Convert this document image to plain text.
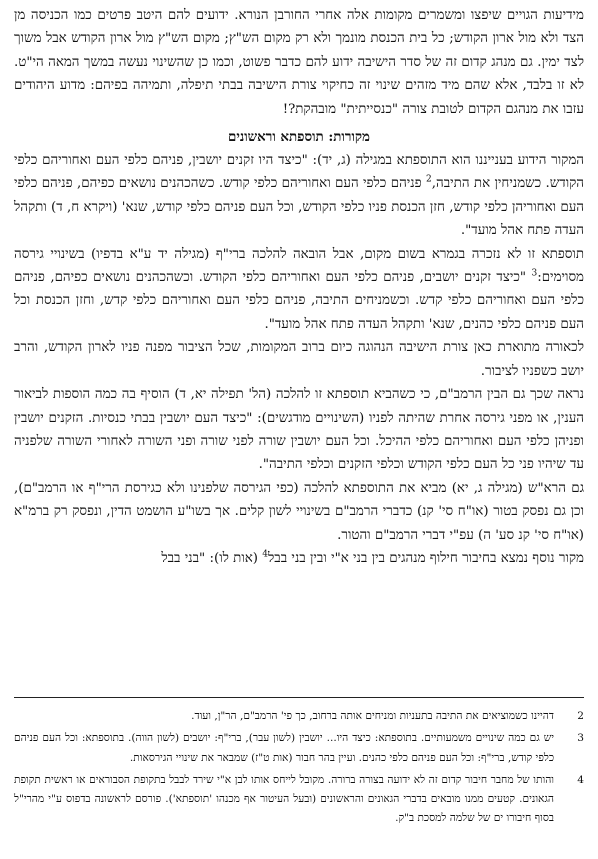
מידיעות הגויים שיפצו ומשמרים מקומות אלה אחרי החורבן הנורא. ידועים להם היטב פרטים כמו הכניסה מן הצד ולא מול ארון הקודש; כל בית הכנסת מונמך ולא רק מקום הש"ץ; מקום הש"ץ מול ארון הקודש אבל משוך לצד ימין. גם מנהג קדום זה של סדר הישיבה ידוע להם כדבר פשוט, וכמו כן שהשינוי נעשה במשך המאה הי"ט. לא זו בלבד, אלא שהם מיד מזהים שינוי זה כחיקוי צורת הישיבה בבתי תיפלה, ותמיהה בפיהם: מדוע היהודים עזבו את מנהגם הקדום לטובת צורה "כנסייתית" מובהקת?!

מקורות: תוספתא וראשונים

המקור הידוע בענייננו הוא התוספתא במגילה (ג, יד): "כיצד היו זקנים יושבין, פניהם כלפי העם ואחוריהם כלפי הקודש. כשמניחין את התיבה,$^2$ פניהם כלפי העם ואחוריהם כלפי קודש. כשהכהנים נושאים כפיהם, פניהם כלפי העם ואחוריהן כלפי קודש, חזן הכנסת פניו כלפי הקודש, וכל העם פניהם כלפי קודש, שנא' (ויקרא ח, ד) ותקהל העדה פתח אהל מועד".

תוספתא זו לא נזכרה בגמרא בשום מקום, אבל הובאה להלכה ברי"ף (מגילה יד ע"א בדפיו) בשינויי גירסה מסוימים:$^3$ "כיצד זקנים יושבים, פניהם כלפי העם ואחוריהם כלפי הקודש. וכשהכהנים נושאים כפיהם, פניהם כלפי העם ואחוריהם כלפי קדש. וכשמניחים התיבה, פניהם כלפי העם ואחוריהם כלפי קדש, וחזן הכנסת וכל העם פניהם כלפי כהנים, שנא' ותקהל העדה פתח אהל מועד".

לכאורה מתוארת כאן צורת הישיבה הנהוגה כיום ברוב המקומות, שכל הציבור מפנה פניו לארון הקודש, והרב יושב כשפניו לציבור.

נראה שכך גם הבין הרמב"ם, כי כשהביא תוספתא זו להלכה (הל' תפילה יא, ד) הוסיף בה כמה הוספות לביאור הענין, או מפני גירסה אחרת שהיתה לפניו (השינויים מודגשים): "כיצד העם יושבין בבתי כנסיות. הזקנים יושבין ופניהן כלפי העם ואחוריהם כלפי ההיכל. וכל העם יושבין שורה לפני שורה ופני השורה לאחורי השורה שלפניה עד שיהיו פני כל העם כלפי הקודש וכלפי הזקנים וכלפי התיבה".

גם הרא"ש (מגילה ג, יא) מביא את התוספתא להלכה (כפי הגירסה שלפנינו ולא כגירסת הרי"ף או הרמב"ם), וכן גם נפסק בטור (או"ח סי' קנ) כדברי הרמב"ם בשינויי לשון קלים. אך בשו"ע הושמט הדין, ונפסק רק ברמ"א (או"ח סי' קנ סע' ה) עפ"י דברי הרמב"ם והטור.

מקור נוסף נמצא בחיבור חילוף מנהגים בין בני א"י ובין בני בבל$^4$ (אות לו): "בני בבל

2
דהיינו כשמוציאים את התיבה בתעניות ומניחים אותה ברחוב, כך פי' הרמב"ם, הר"ן, ועוד.
3
יש גם כמה שינויים משמעותיים. בתוספתא: כיצד היו... יושבין (לשון עבר), ברי"ף: יושבים (לשון הווה). בתוספתא: וכל העם פניהם כלפי קודש, ברי"ף: וכל העם פניהם כלפי כהנים. ועיין בהר חבור (אות ט"ז) שמבאר את שינויי הגירסאות.
4
והותו של מחבר חיבור קדום זה לא ידועה בצורה ברורה. מקובל לייחס אותו לבן א"י שירד לבבל בתקופת הסבוראים או ראשית תקופת הגאונים. קטעים ממנו מובאים בדברי הגאונים והראשונים (ובעל העיטור אף מכנהו 'תוספתא'). פורסם לראשונה בדפוס ע"י מהרי"ל בסוף חיבורו ים של שלמה למסכת ב"ק.
